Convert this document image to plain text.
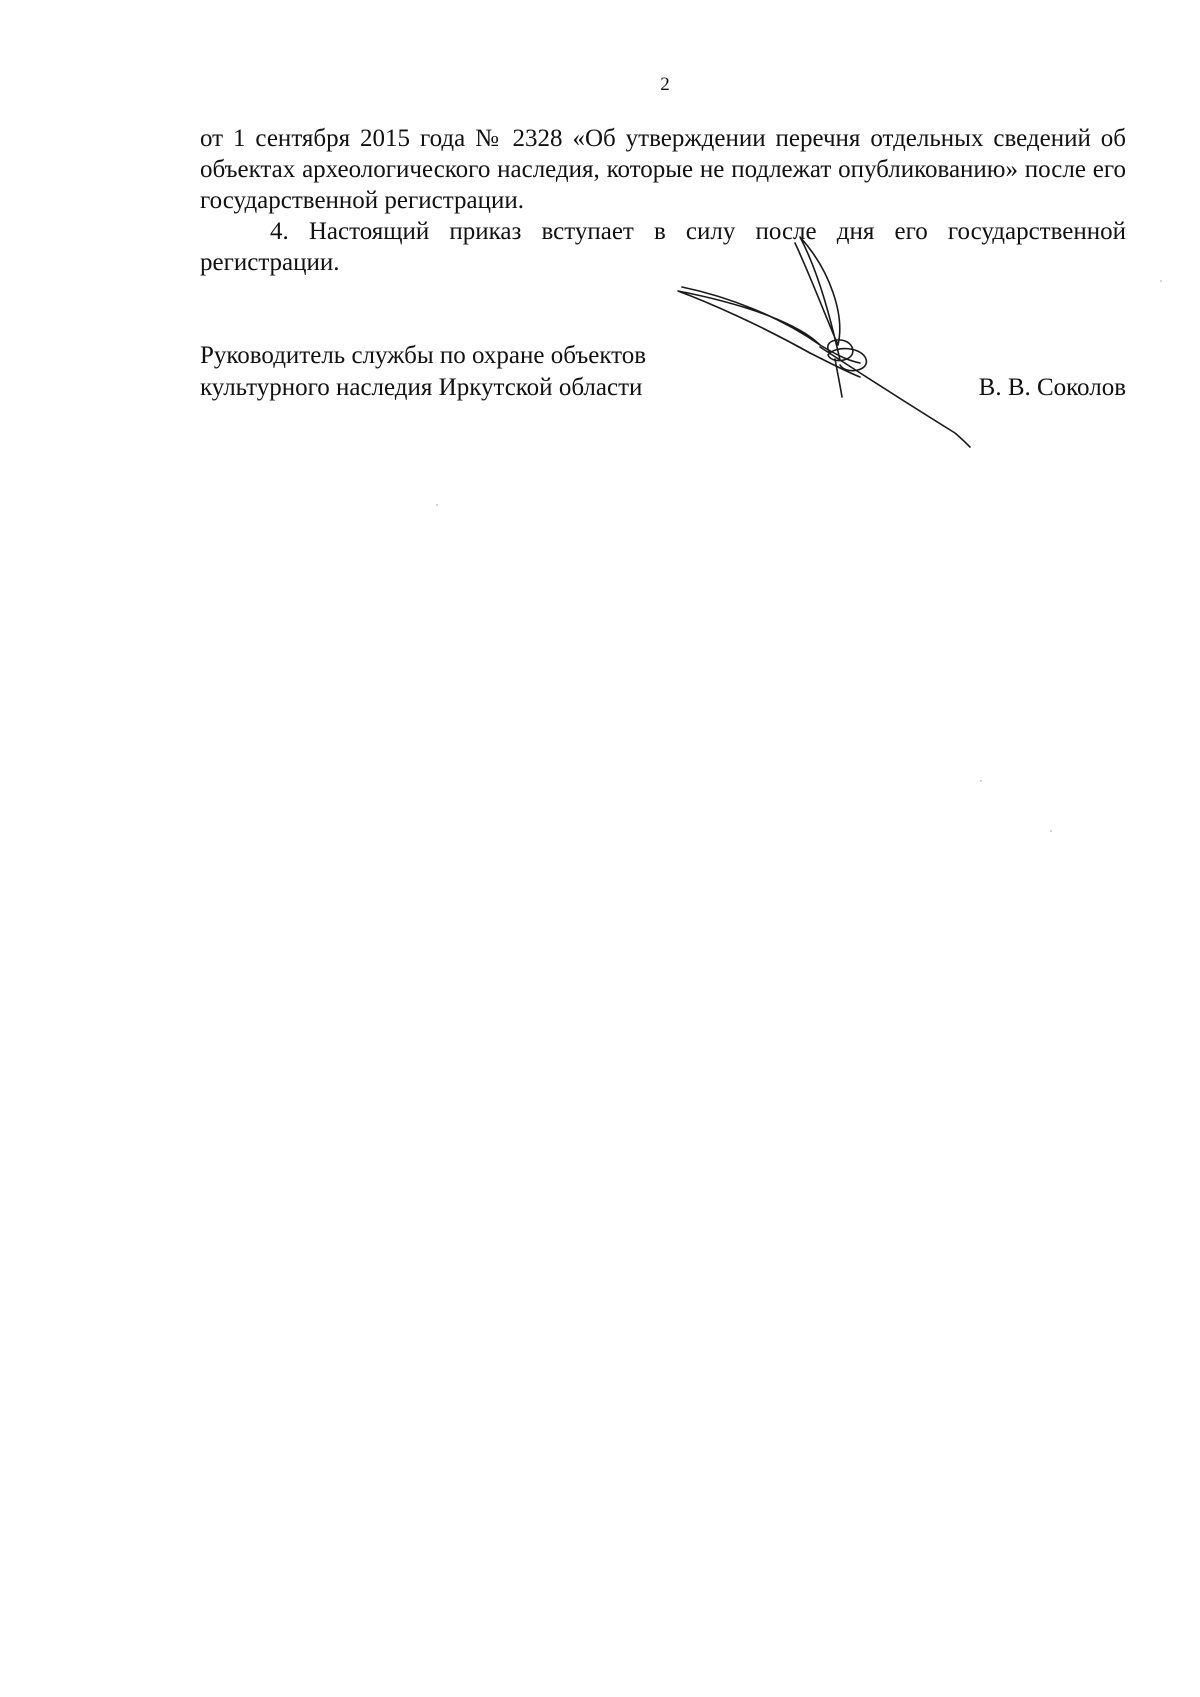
2

от 1 сентября 2015 года № 2328 «Об утверждении перечня отдельных сведений об объектах археологического наследия, которые не подлежат опубликованию» после его государственной регистрации.

4. Настоящий приказ вступает в силу после дня его государственной регистрации.

Руководитель службы по охране объектов
культурного наследия Иркутской области	В. В. Соколов
